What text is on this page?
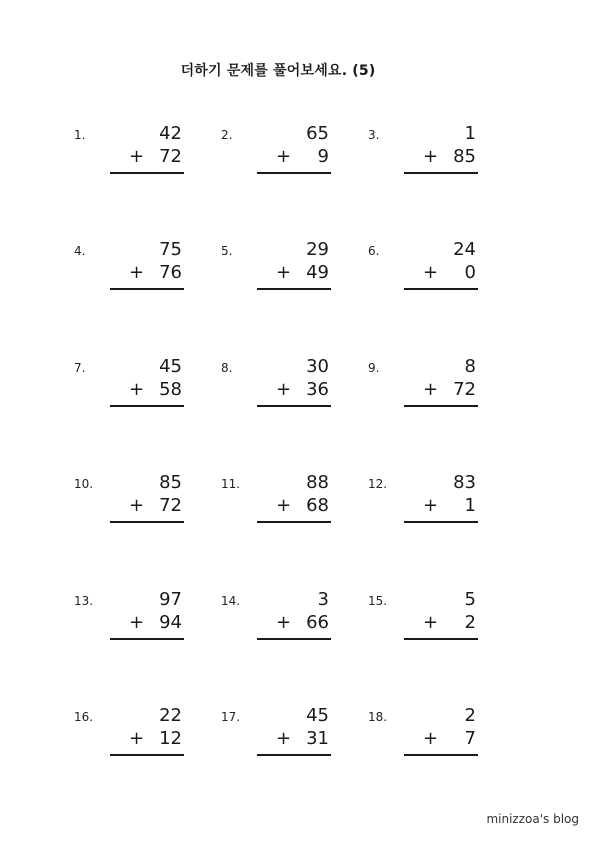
더하기 문제를 풀어보세요. (5)
1.	42
+ 72
2.	65
+ 9
3.	1
+ 85
4.	75
+ 76
5.	29
+ 49
6.	24
+ 0
7.	45
+ 58
8.	30
+ 36
9.	8
+ 72
10.	85
+ 72
11.	88
+ 68
12.	83
+ 1
13.	97
+ 94
14.	3
+ 66
15.	5
+ 2
16.	22
+ 12
17.	45
+ 31
18.	2
+ 7
minizzoa's blog
